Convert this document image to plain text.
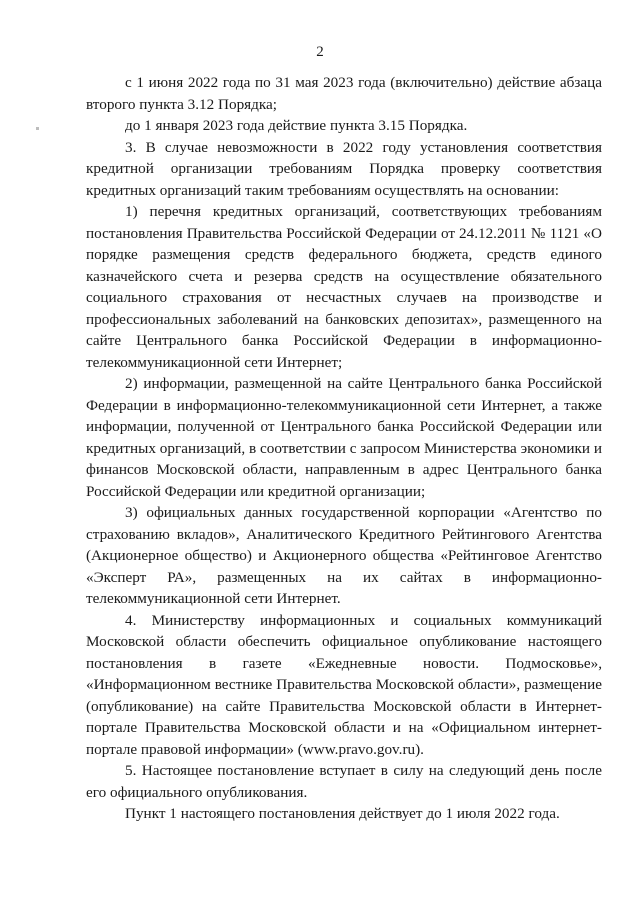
2

с 1 июня 2022 года по 31 мая 2023 года (включительно) действие абзаца второго пункта 3.12 Порядка;

до 1 января 2023 года действие пункта 3.15 Порядка.

3. В случае невозможности в 2022 году установления соответствия кредитной организации требованиям Порядка проверку соответствия кредитных организаций таким требованиям осуществлять на основании:

1) перечня кредитных организаций, соответствующих требованиям постановления Правительства Российской Федерации от 24.12.2011 № 1121 «О порядке размещения средств федерального бюджета, средств единого казначейского счета и резерва средств на осуществление обязательного социального страхования от несчастных случаев на производстве и профессиональных заболеваний на банковских депозитах», размещенного на сайте Центрального банка Российской Федерации в информационно-телекоммуникационной сети Интернет;

2) информации, размещенной на сайте Центрального банка Российской Федерации в информационно-телекоммуникационной сети Интернет, а также информации, полученной от Центрального банка Российской Федерации или кредитных организаций, в соответствии с запросом Министерства экономики и финансов Московской области, направленным в адрес Центрального банка Российской Федерации или кредитной организации;

3) официальных данных государственной корпорации «Агентство по страхованию вкладов», Аналитического Кредитного Рейтингового Агентства (Акционерное общество) и Акционерного общества «Рейтинговое Агентство «Эксперт РА», размещенных на их сайтах в информационно-телекоммуникационной сети Интернет.

4. Министерству информационных и социальных коммуникаций Московской области обеспечить официальное опубликование настоящего постановления в газете «Ежедневные новости. Подмосковье», «Информационном вестнике Правительства Московской области», размещение (опубликование) на сайте Правительства Московской области в Интернет-портале Правительства Московской области и на «Официальном интернет-портале правовой информации» (www.pravo.gov.ru).

5. Настоящее постановление вступает в силу на следующий день после его официального опубликования.

Пункт 1 настоящего постановления действует до 1 июля 2022 года.
